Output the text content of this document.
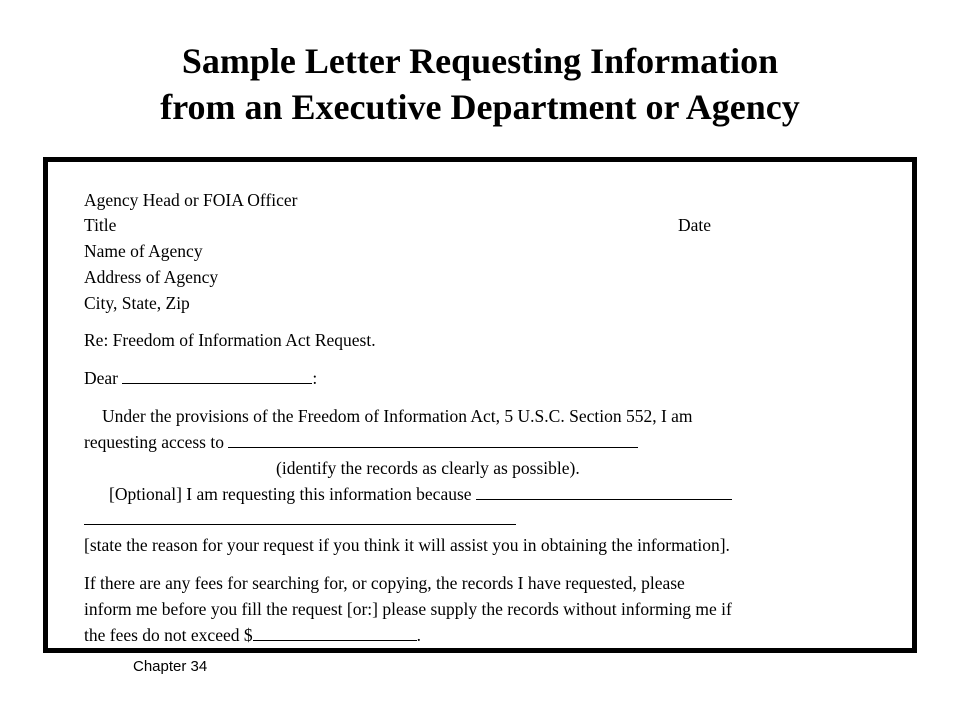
Sample Letter Requesting Information
from an Executive Department or Agency
Agency Head or FOIA Officer
Title	Date
Name of Agency
Address of Agency
City, State, Zip
Re: Freedom of Information Act Request.
Dear	:
Under the provisions of the Freedom of Information Act, 5 U.S.C. Section 552, I am
requesting access to
(identify the records as clearly as possible).
[Optional] I am requesting this information because
[state the reason for your request if you think it will assist you in obtaining the information].
If there are any fees for searching for, or copying, the records I have requested, please
inform me before you fill the request [or:] please supply the records without informing me if
the fees do not exceed $	.
Chapter 34
